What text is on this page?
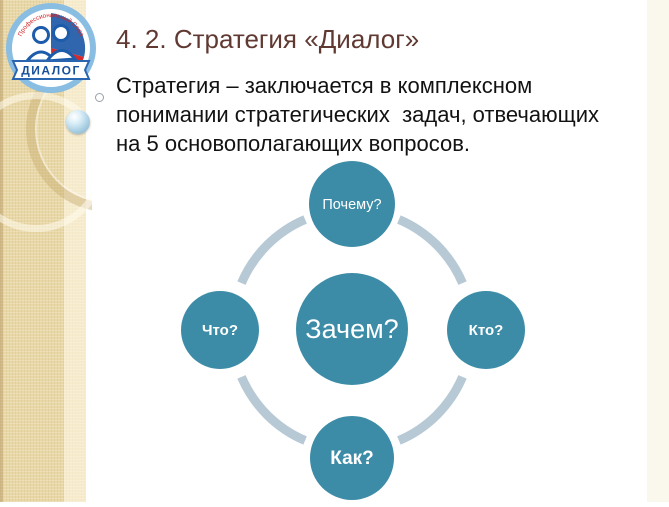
Профессиональный Союз
ДИАЛОГ
4. 2. Стратегия «Диалог»
Стратегия – заключается в комплексном
понимании стратегических  задач, отвечающих
на 5 основополагающих вопросов.
Зачем?
Почему?
Кто?
Как?
Что?
